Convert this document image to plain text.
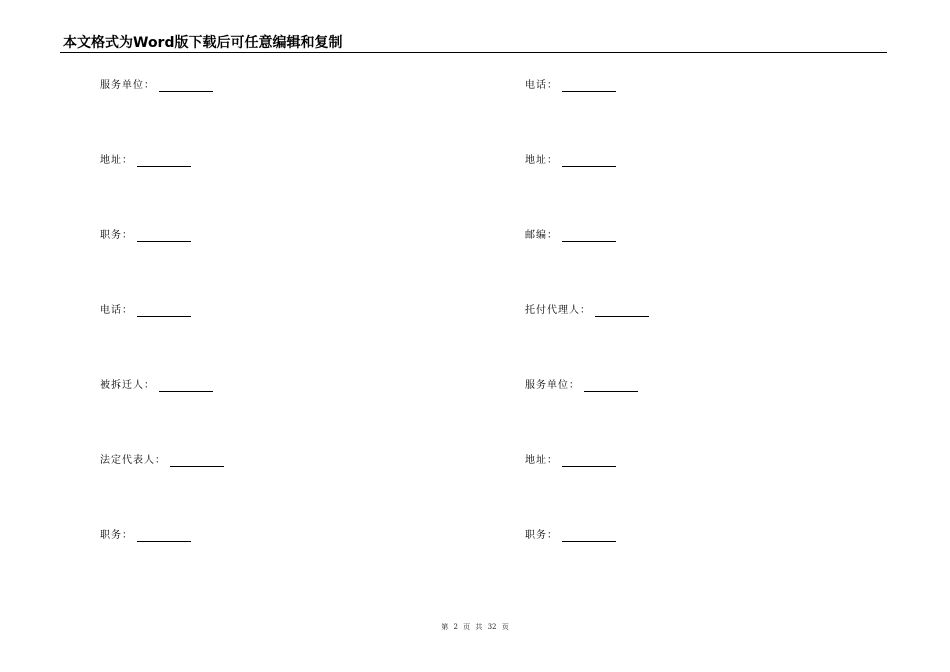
本文格式为Word版下载后可任意编辑和复制
服务单位：
地址：
职务：
电话：
被拆迁人：
法定代表人：
职务：
电话：
地址：
邮编：
托付代理人：
服务单位：
地址：
职务：
第 2 页 共 32 页
